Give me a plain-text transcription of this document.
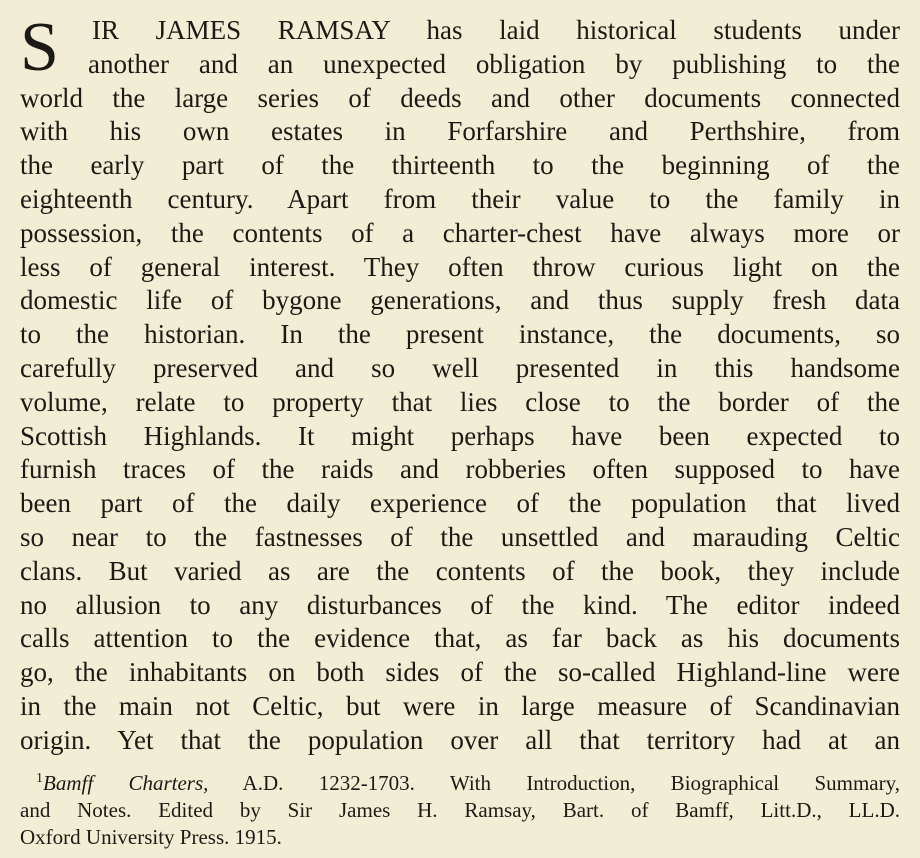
S	IR JAMES RAMSAY has laid historical students under
another and an unexpected obligation by publishing to the
world the large series of deeds and other documents connected
with his own estates in Forfarshire and Perthshire, from
the early part of the thirteenth to the beginning of the
eighteenth century. Apart from their value to the family in
possession, the contents of a charter-chest have always more or
less of general interest. They often throw curious light on the
domestic life of bygone generations, and thus supply fresh data
to the historian. In the present instance, the documents, so
carefully preserved and so well presented in this handsome
volume, relate to property that lies close to the border of the
Scottish Highlands. It might perhaps have been expected to
furnish traces of the raids and robberies often supposed to have
been part of the daily experience of the population that lived
so near to the fastnesses of the unsettled and marauding Celtic
clans. But varied as are the contents of the book, they include
no allusion to any disturbances of the kind. The editor indeed
calls attention to the evidence that, as far back as his documents
go, the inhabitants on both sides of the so-called Highland-line were
in the main not Celtic, but were in large measure of Scandinavian
origin. Yet that the population over all that territory had at an
$^1$Bamff Charters, A.D. 1232-1703. With Introduction, Biographical Summary,
and Notes. Edited by Sir James H. Ramsay, Bart. of Bamff, Litt.D., LL.D.
Oxford University Press. 1915.
